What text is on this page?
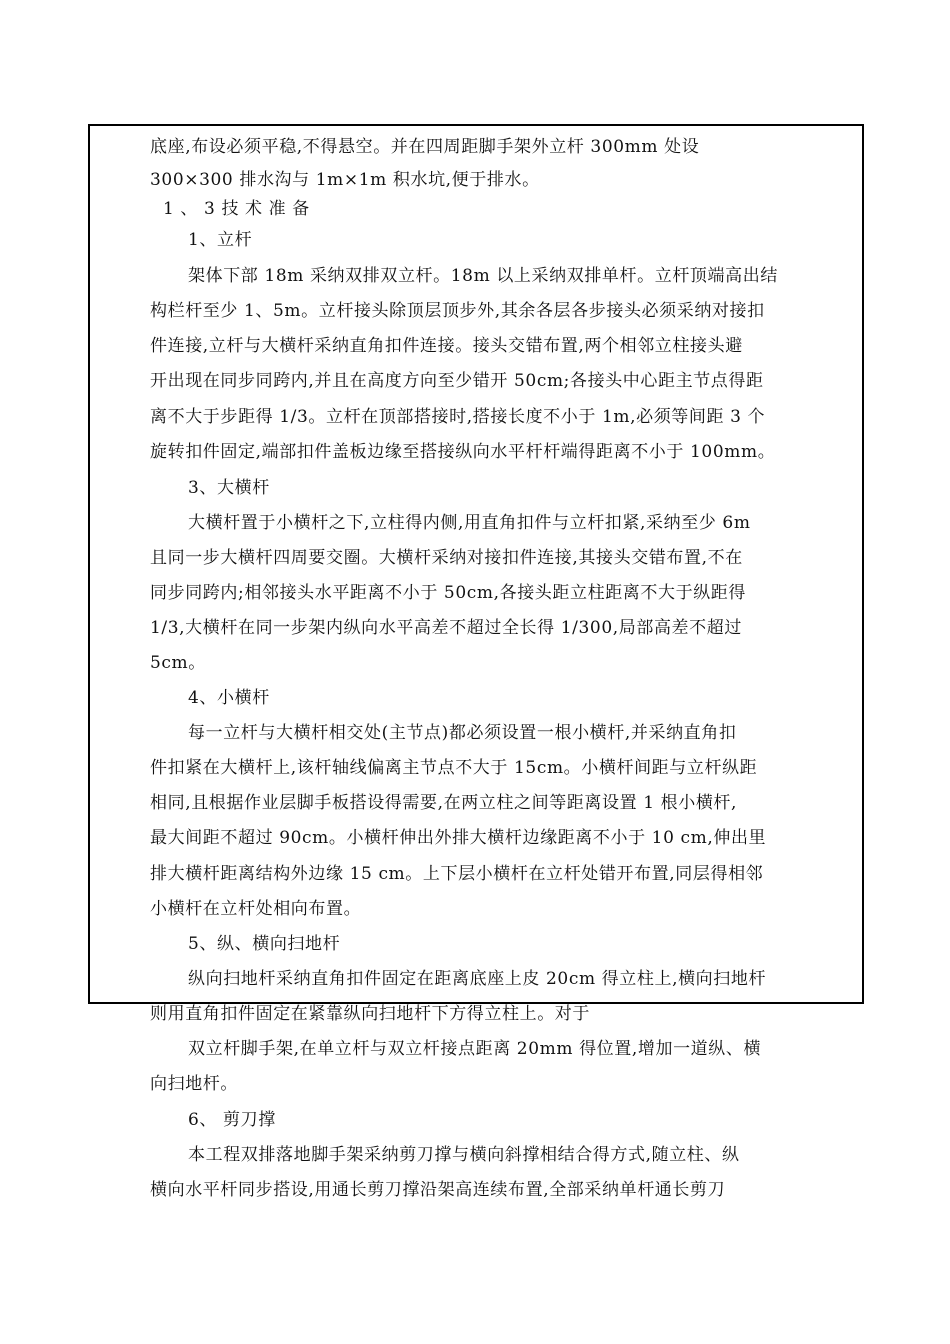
底座,布设必须平稳,不得悬空。并在四周距脚手架外立杆 300mm 处设
300×300 排水沟与 1m×1m 积水坑,便于排水。
1 、 3 技 术 准 备
1、立杆
架体下部 18m 采纳双排双立杆。18m 以上采纳双排单杆。立杆顶端高出结
构栏杆至少 1、5m。立杆接头除顶层顶步外,其余各层各步接头必须采纳对接扣
件连接,立杆与大横杆采纳直角扣件连接。接头交错布置,两个相邻立柱接头避
开出现在同步同跨内,并且在高度方向至少错开 50cm;各接头中心距主节点得距
离不大于步距得 1/3。立杆在顶部搭接时,搭接长度不小于 1m,必须等间距 3 个
旋转扣件固定,端部扣件盖板边缘至搭接纵向水平杆杆端得距离不小于 100mm。
3、大横杆
大横杆置于小横杆之下,立柱得内侧,用直角扣件与立杆扣紧,采纳至少 6m
且同一步大横杆四周要交圈。大横杆采纳对接扣件连接,其接头交错布置,不在
同步同跨内;相邻接头水平距离不小于 50cm,各接头距立柱距离不大于纵距得
1/3,大横杆在同一步架内纵向水平高差不超过全长得 1/300,局部高差不超过
5cm。
4、小横杆
每一立杆与大横杆相交处(主节点)都必须设置一根小横杆,并采纳直角扣
件扣紧在大横杆上,该杆轴线偏离主节点不大于 15cm。小横杆间距与立杆纵距
相同,且根据作业层脚手板搭设得需要,在两立柱之间等距离设置 1 根小横杆,
最大间距不超过 90cm。小横杆伸出外排大横杆边缘距离不小于 10 cm,伸出里
排大横杆距离结构外边缘 15 cm。上下层小横杆在立杆处错开布置,同层得相邻
小横杆在立杆处相向布置。
5、纵、横向扫地杆
纵向扫地杆采纳直角扣件固定在距离底座上皮 20cm 得立柱上,横向扫地杆
则用直角扣件固定在紧靠纵向扫地杆下方得立柱上。对于
双立杆脚手架,在单立杆与双立杆接点距离 20mm 得位置,增加一道纵、横
向扫地杆。
6、 剪刀撑
本工程双排落地脚手架采纳剪刀撑与横向斜撑相结合得方式,随立柱、纵
横向水平杆同步搭设,用通长剪刀撑沿架高连续布置,全部采纳单杆通长剪刀
